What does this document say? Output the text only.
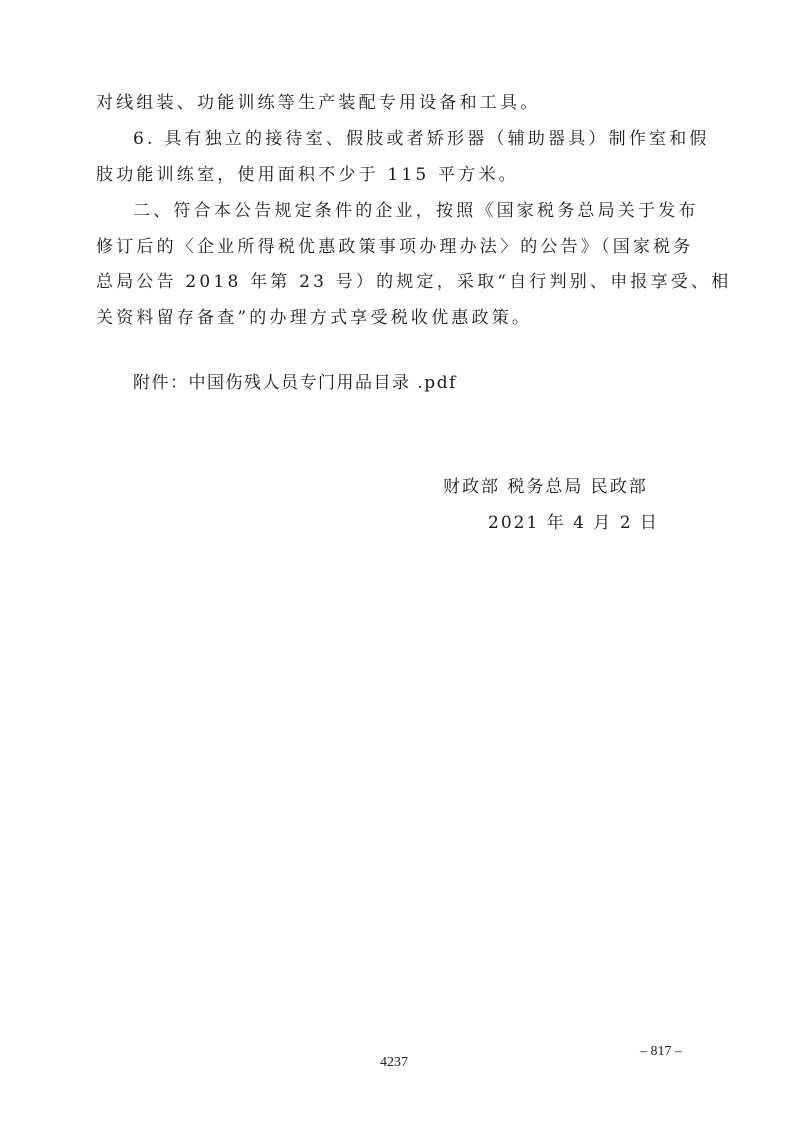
对线组装、功能训练等生产装配专用设备和工具。
6. 具有独立的接待室、假肢或者矫形器（辅助器具）制作室和假
肢功能训练室，使用面积不少于 115 平方米。
二、符合本公告规定条件的企业，按照《国家税务总局关于发布
修订后的〈企业所得税优惠政策事项办理办法〉的公告》（国家税务
总局公告 2018 年第 23 号）的规定，采取“自行判别、申报享受、相
关资料留存备查”的办理方式享受税收优惠政策。
附件：中国伤残人员专门用品目录 .pdf
财政部 税务总局 民政部
2021 年 4 月 2 日
– 817 –
4237
